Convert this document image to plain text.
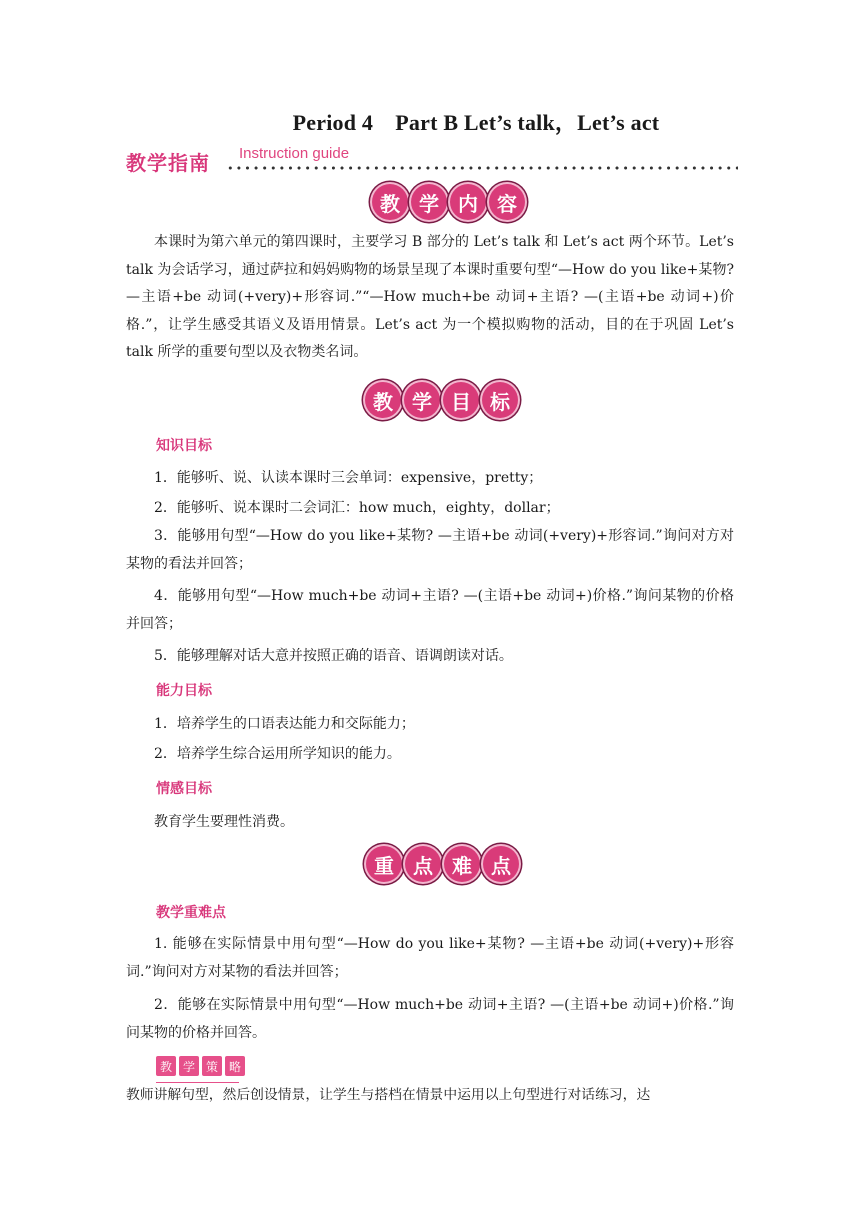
Period 4　Part B Let’s talk，Let’s act
教学指南 Instruction guide
教 学 内 容
本课时为第六单元的第四课时，主要学习 B 部分的 Let’s talk 和 Let’s act 两个环节。Let’s talk 为会话学习，通过萨拉和妈妈购物的场景呈现了本课时重要句型“—How do you like+某物? —主语+be 动词(+very)+形容词.”“—How much+be 动词+主语? —(主语+be 动词+)价格.”，让学生感受其语义及语用情景。Let’s act 为一个模拟购物的活动，目的在于巩固 Let’s talk 所学的重要句型以及衣物类名词。
教 学 目 标
知识目标
1．能够听、说、认读本课时三会单词：expensive，pretty；
2．能够听、说本课时二会词汇：how much，eighty，dollar；
3．能够用句型“—How do you like+某物? —主语+be 动词(+very)+形容词.”询问对方对某物的看法并回答；
4．能够用句型“—How much+be 动词+主语? —(主语+be 动词+)价格.”询问某物的价格并回答；
5．能够理解对话大意并按照正确的语音、语调朗读对话。
能力目标
1．培养学生的口语表达能力和交际能力；
2．培养学生综合运用所学知识的能力。
情感目标
教育学生要理性消费。
重 点 难 点
教学重难点
1. 能够在实际情景中用句型“—How do you like+某物? —主语+be 动词(+very)+形容词.”询问对方对某物的看法并回答；
2．能够在实际情景中用句型“—How much+be 动词+主语? —(主语+be 动词+)价格.”询问某物的价格并回答。
教 学 策 略
教师讲解句型，然后创设情景，让学生与搭档在情景中运用以上句型进行对话练习，达
